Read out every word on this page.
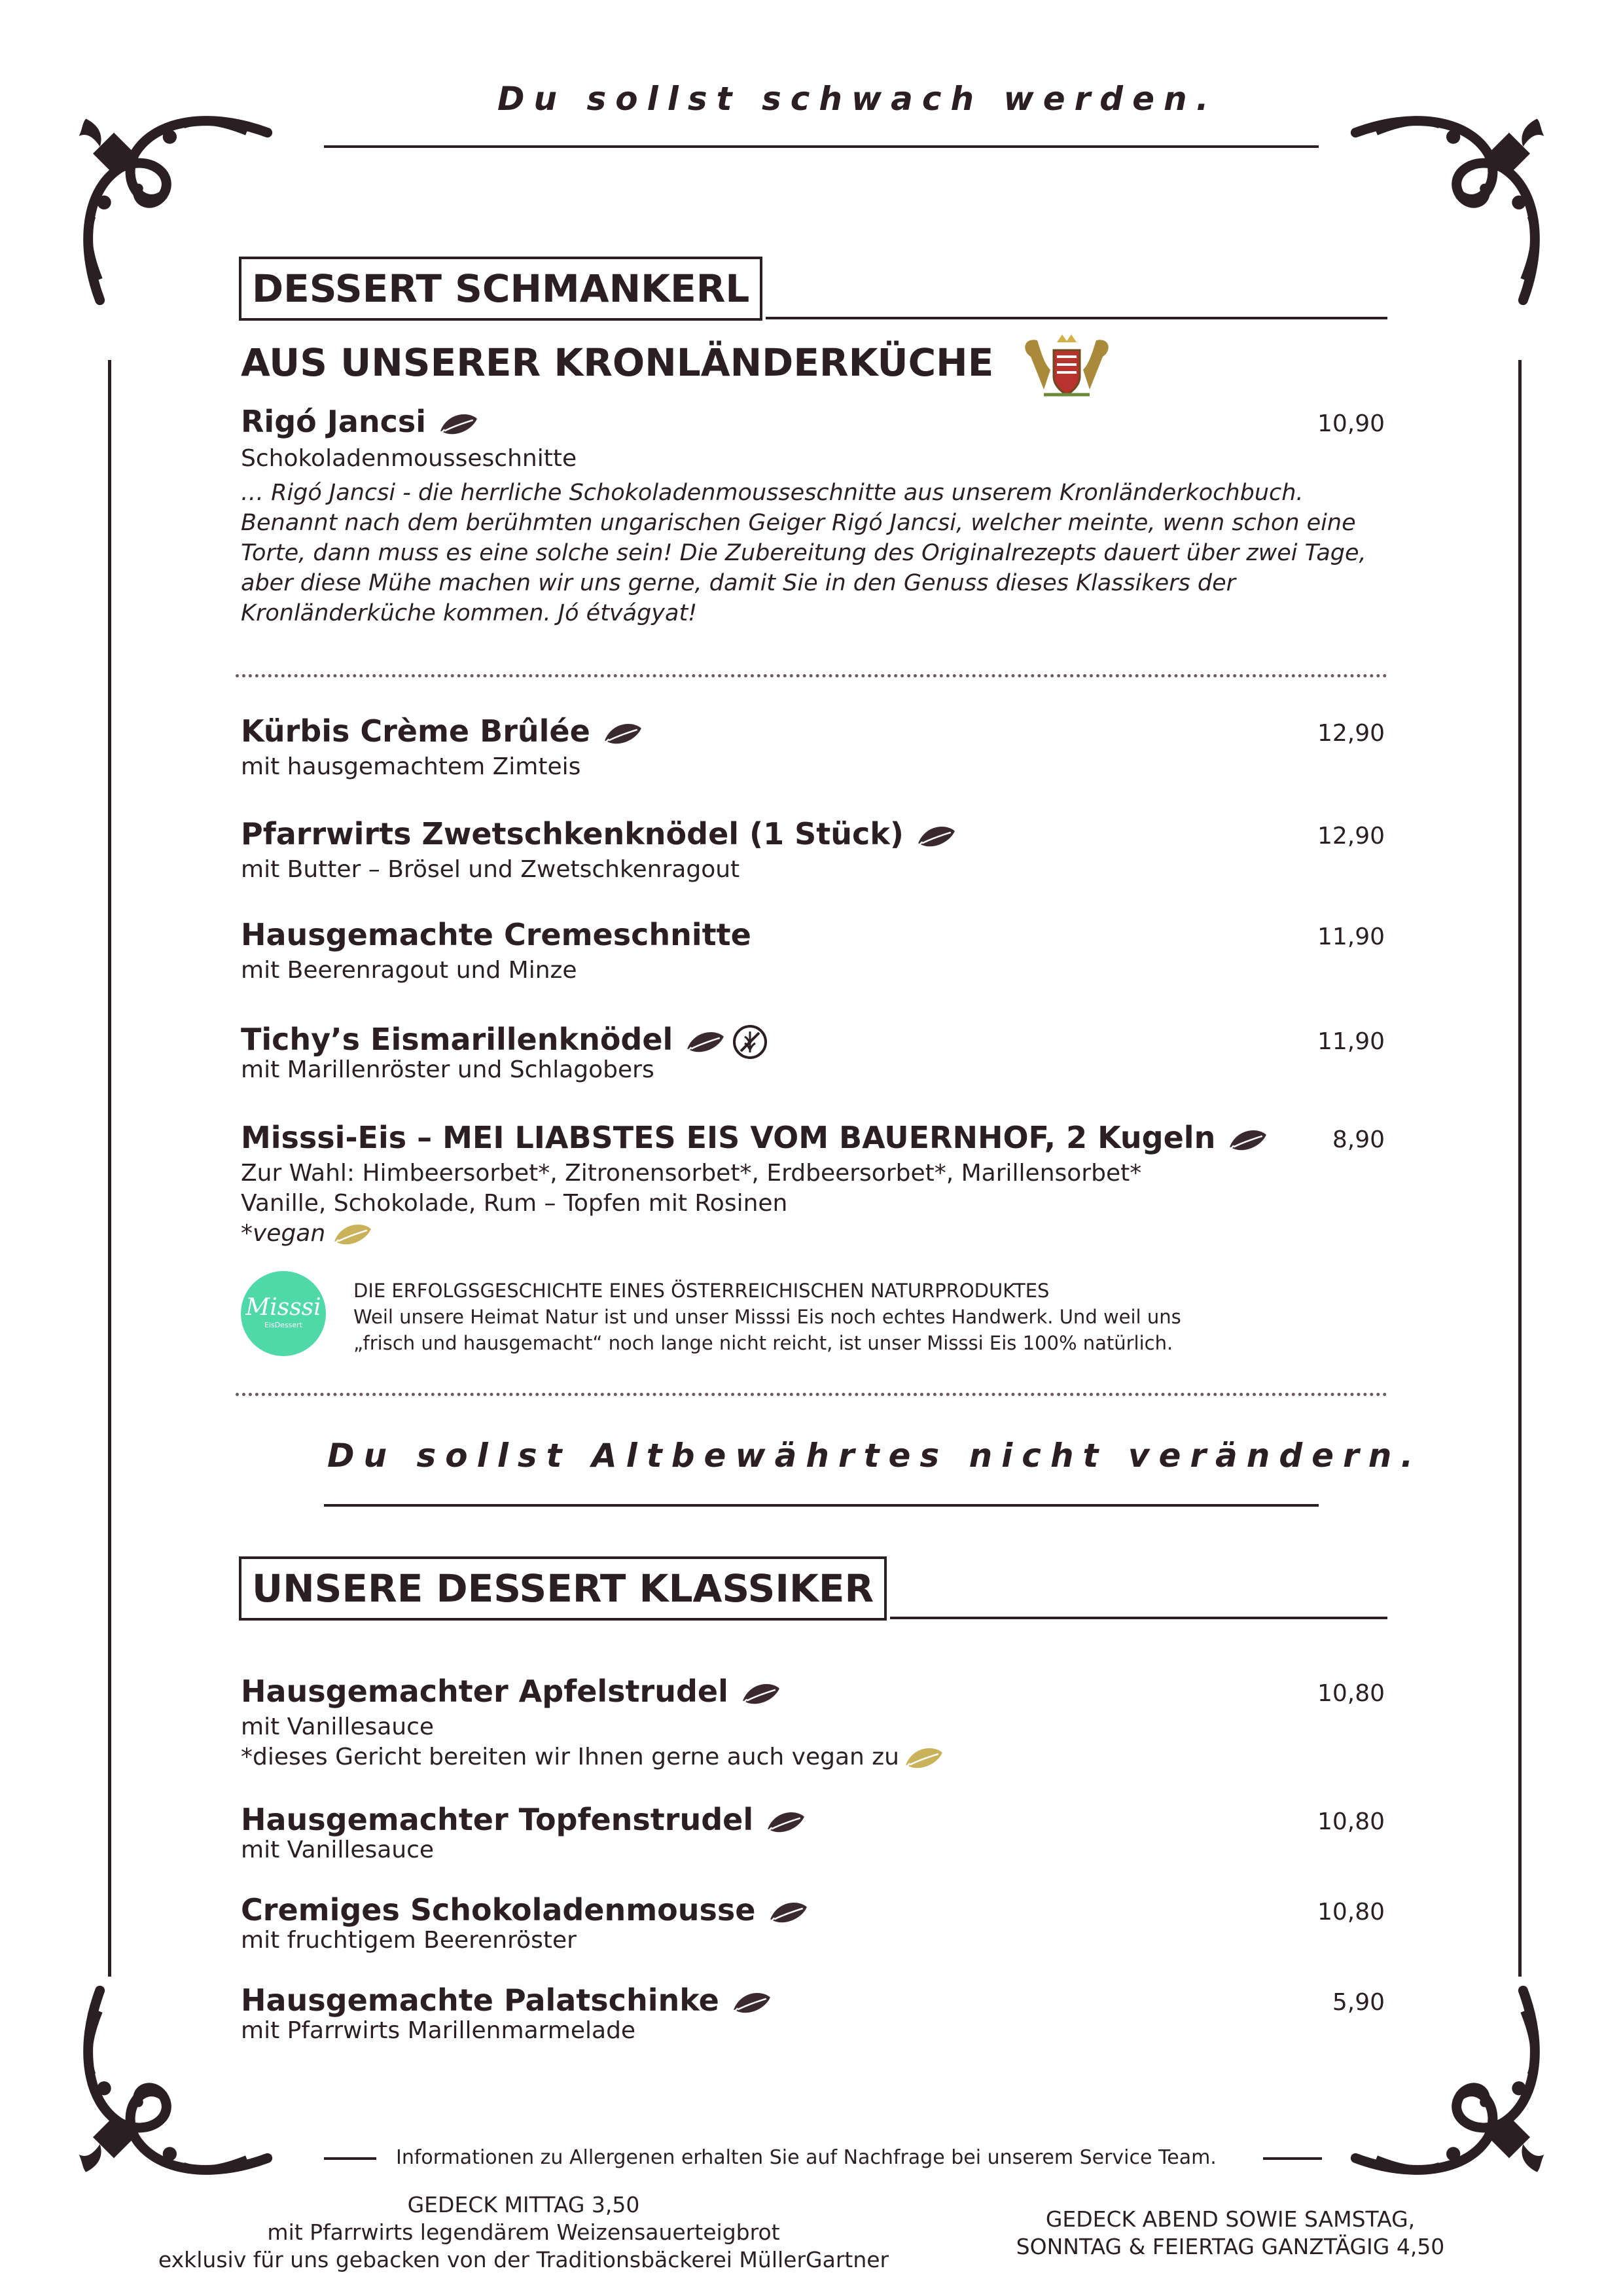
Du sollst schwach werden.
DESSERT SCHMANKERL
AUS UNSERER KRONLÄNDERKÜCHE
Rigó Jancsi	10,90
Schokoladenmousseschnitte
… Rigó Jancsi - die herrliche Schokoladenmousseschnitte aus unserem Kronländerkochbuch.
Benannt nach dem berühmten ungarischen Geiger Rigó Jancsi, welcher meinte, wenn schon eine
Torte, dann muss es eine solche sein! Die Zubereitung des Originalrezepts dauert über zwei Tage,
aber diese Mühe machen wir uns gerne, damit Sie in den Genuss dieses Klassikers der
Kronländerküche kommen. Jó étvágyat!
Kürbis Crème Brûlée	12,90
mit hausgemachtem Zimteis
Pfarrwirts Zwetschkenknödel (1 Stück)	12,90
mit Butter – Brösel und Zwetschkenragout
Hausgemachte Cremeschnitte	11,90
mit Beerenragout und Minze
Tichy’s Eismarillenknödel	11,90
mit Marillenröster und Schlagobers
Misssi-Eis – MEI LIABSTES EIS VOM BAUERNHOF, 2 Kugeln	8,90
Zur Wahl: Himbeersorbet*, Zitronensorbet*, Erdbeersorbet*, Marillensorbet*
Vanille, Schokolade, Rum – Topfen mit Rosinen
*vegan
Misssi
EisDessert
DIE ERFOLGSGESCHICHTE EINES ÖSTERREICHISCHEN NATURPRODUKTES
Weil unsere Heimat Natur ist und unser Misssi Eis noch echtes Handwerk. Und weil uns
„frisch und hausgemacht“ noch lange nicht reicht, ist unser Misssi Eis 100% natürlich.
Du sollst Altbewährtes nicht verändern.
UNSERE DESSERT KLASSIKER
Hausgemachter Apfelstrudel	10,80
mit Vanillesauce
*dieses Gericht bereiten wir Ihnen gerne auch vegan zu
Hausgemachter Topfenstrudel	10,80
mit Vanillesauce
Cremiges Schokoladenmousse	10,80
mit fruchtigem Beerenröster
Hausgemachte Palatschinke	5,90
mit Pfarrwirts Marillenmarmelade
Informationen zu Allergenen erhalten Sie auf Nachfrage bei unserem Service Team.
GEDECK MITTAG 3,50
mit Pfarrwirts legendärem Weizensauerteigbrot
exklusiv für uns gebacken von der Traditionsbäckerei MüllerGartner
GEDECK ABEND SOWIE SAMSTAG,
SONNTAG & FEIERTAG GANZTÄGIG 4,50
